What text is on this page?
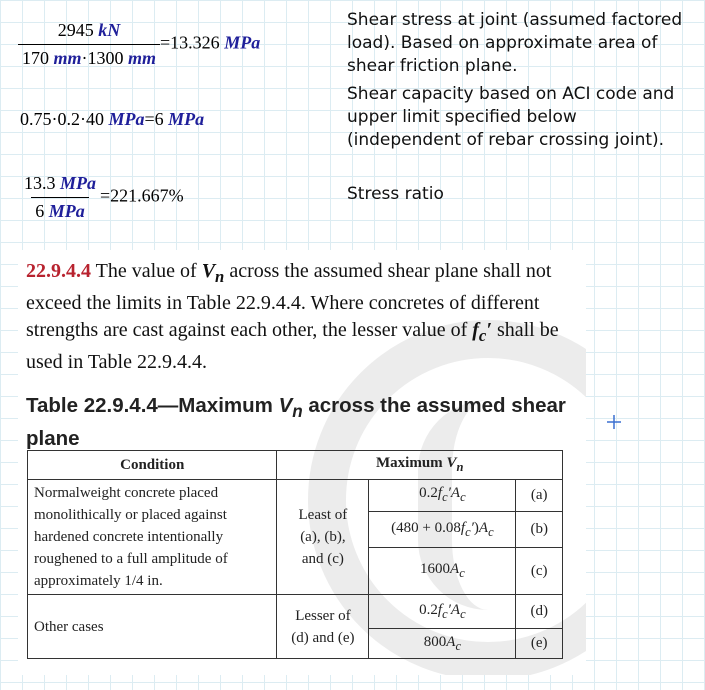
$\frac{2945 kN}{170 mm\cdot 1300 mm} =13.326$ MPa
Shear stress at joint (assumed factored load). Based on approximate area of shear friction plane.
0.75·0.2·40 MPa=6 MPa
Shear capacity based on ACI code and upper limit specified below (independent of rebar crossing joint).
$\frac{\text{13.3 MPa}}{\text{6 MPa}} =221.667\%$	Stress ratio
22.9.4.4 The value of $V_n$ across the assumed shear plane shall not exceed the limits in Table 22.9.4.4. Where concretes of different strengths are cast against each other, the lesser value of $f_c'$ shall be used in Table 22.9.4.4.
Table 22.9.4.4—Maximum $V_n$ across the assumed shear plane
Condition	Maximum $V_n$
Normalweight concrete placed monolithically or placed against hardened concrete intentionally roughened to a full amplitude of approximately 1/4 in.	Least of
(a), (b),
and (c)	$0.2f_c'A_c$	(a)
		$(480 + 0.08f_c')A_c$	(b)
		$1600A_c$	(c)
Other cases	Lesser of
(d) and (e)	$0.2f_c'A_c$	(d)
		$800A_c$	(e)
